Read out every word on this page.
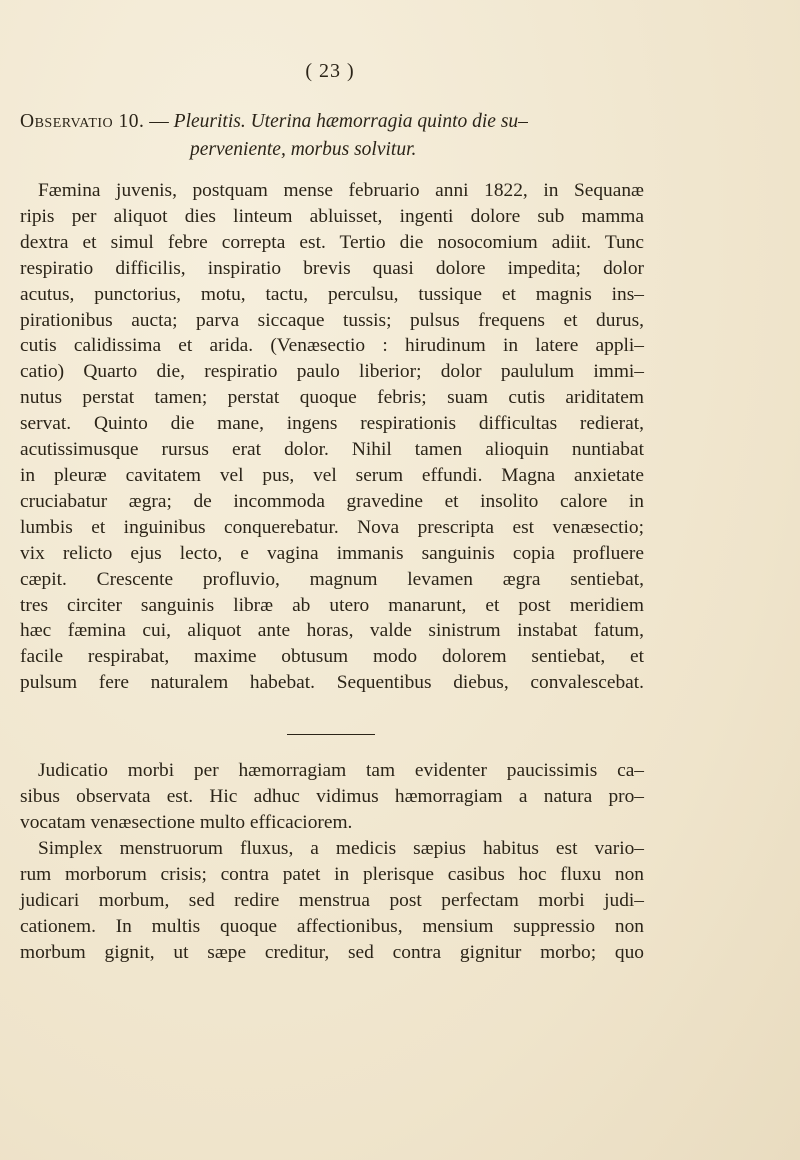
( 23 )
Observatio 10. — Pleuritis. Uterina hæmorragia quinto die su–
perveniente, morbus solvitur.
Fæmina juvenis, postquam mense februario anni 1822, in Sequanæ
ripis per aliquot dies linteum abluisset, ingenti dolore sub mamma
dextra et simul febre correpta est. Tertio die nosocomium adiit. Tunc
respiratio difficilis, inspiratio brevis quasi dolore impedita; dolor
acutus, punctorius, motu, tactu, perculsu, tussique et magnis ins–
pirationibus aucta; parva siccaque tussis; pulsus frequens et durus,
cutis calidissima et arida. (Venæsectio : hirudinum in latere appli–
catio) Quarto die, respiratio paulo liberior; dolor paululum immi–
nutus perstat tamen; perstat quoque febris; suam cutis ariditatem
servat. Quinto die mane, ingens respirationis difficultas redierat,
acutissimusque rursus erat dolor. Nihil tamen alioquin nuntiabat
in pleuræ cavitatem vel pus, vel serum effundi. Magna anxietate
cruciabatur ægra; de incommoda gravedine et insolito calore in
lumbis et inguinibus conquerebatur. Nova prescripta est venæsectio;
vix relicto ejus lecto, e vagina immanis sanguinis copia profluere
cæpit. Crescente profluvio, magnum levamen ægra sentiebat,
tres circiter sanguinis libræ ab utero manarunt, et post meridiem
hæc fæmina cui, aliquot ante horas, valde sinistrum instabat fatum,
facile respirabat, maxime obtusum modo dolorem sentiebat, et
pulsum fere naturalem habebat. Sequentibus diebus, convalescebat.
Judicatio morbi per hæmorragiam tam evidenter paucissimis ca–
sibus observata est. Hic adhuc vidimus hæmorragiam a natura pro–
vocatam venæsectione multo efficaciorem.
Simplex menstruorum fluxus, a medicis sæpius habitus est vario–
rum morborum crisis; contra patet in plerisque casibus hoc fluxu non
judicari morbum, sed redire menstrua post perfectam morbi judi–
cationem. In multis quoque affectionibus, mensium suppressio non
morbum gignit, ut sæpe creditur, sed contra gignitur morbo; quo
